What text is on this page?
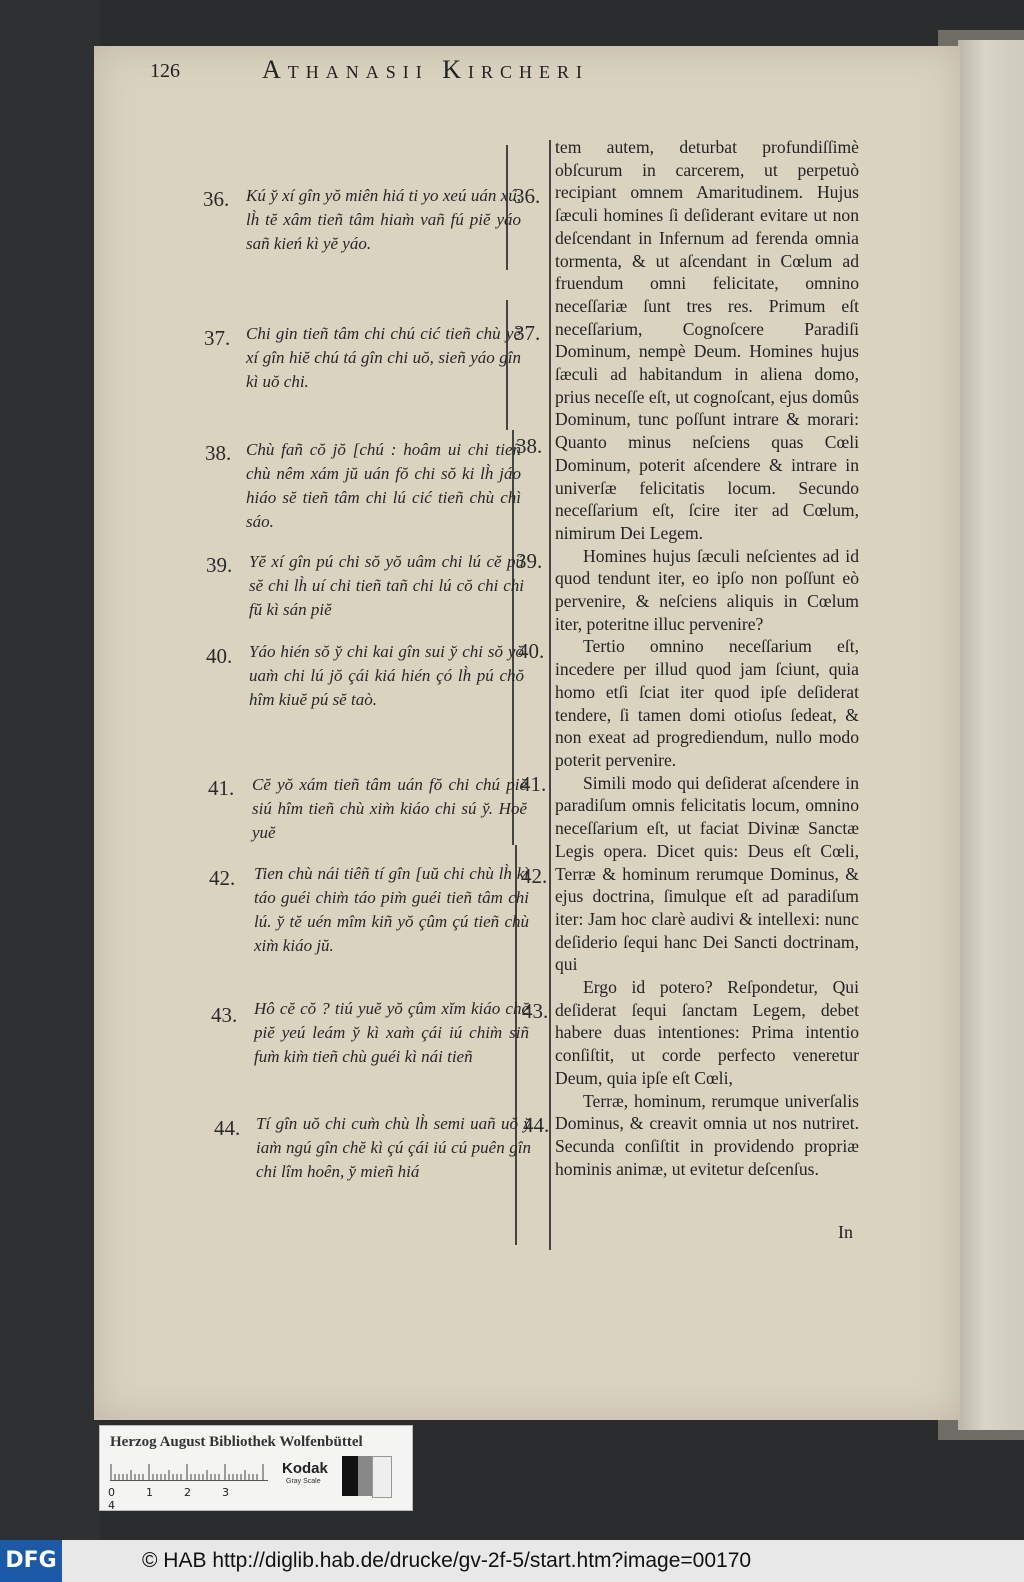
126	Athanasii Kircheri
36. Kú y̆ xí gîn yŏ miên hiá ti yo xeú uán xú, lh̀ tĕ xâm tieñ tâm hiam̀ vañ fú piĕ yáo sañ kień kì yĕ yáo.
37. Chi gin tieñ tâm chi chú cić tieñ chù yĕ xí gîn hiĕ chú tá gîn chi uŏ, sieñ yáo gîn kì uŏ chi.
38. Chù fañ cŏ jŏ [chú : hoâm ui chi tieñ chù nêm xám jŭ uán fŏ chi sŏ ki lh̀ jáo hiáo sĕ tieñ tâm chi lú cić tieñ chù chì sáo.
39. Yĕ xí gîn pú chi sŏ yŏ uâm chi lú cĕ pú sĕ chi lh̀ uí chi tieñ tañ chi lú cŏ chi chi fŭ kì sán piĕ
40. Yáo hién sŏ y̆ chi kai gîn sui y̆ chi sŏ yŏ uam̀ chi lú jŏ çái kiá hién çó lh̀ pú chŏ hîm kiuĕ pú sĕ taò.
41. Cĕ yŏ xám tieñ tâm uán fŏ chi chú piĕ siú hîm tieñ chù xim̀ kiáo chi sú y̆. Hoĕ yuĕ
42. Tien chù nái tiêñ tí gîn [uŭ chi chù lh̀ kì táo guéi chim̀ táo pim̀ guéi tieñ tâm chi lú. y̆ tĕ uén mîm kiñ yŏ çûm çú tieñ chù xim̀ kiáo jŭ.
43. Hô cĕ cŏ ? tiú yuĕ yŏ çûm xĭm kiáo chĕ piĕ yeú leám y̆ kì xam̀ çái iú chim̀ siñ fum̀ kim̀ tieñ chù guéi kì nái tieñ
44. Tí gîn uŏ chi cum̀ chù lh̀ semi uañ uŏ y̆ iam̀ ngú gîn chĕ kì çú çái iú cú puên gîn chi lîm hoên, y̆ mieñ hiá
36.
37.
38.
39.
40.
41.
42.
43.
44.

tem autem, deturbat profundiſſimè obſcurum in carcerem, ut perpetuò recipiant omnem Amaritudinem. Hujus ſæculi homines ſi deſiderant evitare ut non deſcendant in Infernum ad ferenda omnia tormenta, & ut aſcendant in Cœlum ad fruendum omni felicitate, omnino neceſſariæ ſunt tres res. Primum eſt neceſſarium, Cognoſcere Paradiſi Dominum, nempè Deum. Homines hujus ſæculi ad habitandum in aliena domo, prius neceſſe eſt, ut cognoſcant, ejus domûs Dominum, tunc poſſunt intrare & morari: Quanto minus neſciens quas Cœli Dominum, poterit aſcendere & intrare in univerſæ felicitatis locum. Secundo neceſſarium eſt, ſcire iter ad Cœlum, nimirum Dei Legem.

Homines hujus ſæculi neſcientes ad id quod tendunt iter, eo ipſo non poſſunt eò pervenire, & neſciens aliquis in Cœlum iter, poteritne illuc pervenire?

Tertio omnino neceſſarium eſt, incedere per illud quod jam ſciunt, quia homo etſi ſciat iter quod ipſe deſiderat tendere, ſi tamen domi otioſus ſedeat, & non exeat ad progrediendum, nullo modo poterit pervenire.

Simili modo qui deſiderat aſcendere in paradiſum omnis felicitatis locum, omnino neceſſarium eſt, ut faciat Divinæ Sanctæ Legis opera. Dicet quis: Deus eſt Cœli, Terræ & hominum rerumque Dominus, & ejus doctrina, ſimulque eſt ad paradiſum iter: Jam hoc clarè audivi & intellexi: nunc deſiderio ſequi hanc Dei Sancti doctrinam, qui

Ergo id potero? Reſpondetur, Qui deſiderat ſequi ſanctam Legem, debet habere duas intentiones: Prima intentio conſiſtit, ut corde perfecto veneretur Deum, quia ipſe eſt Cœli,

Terræ, hominum, rerumque univerſalis Dominus, & creavit omnia ut nos nutriret. Secunda conſiſtit in providendo propriæ hominis animæ, ut evitetur deſcenſus.

In
Herzog August Bibliothek Wolfenbüttel
0	1	2	34
Kodak
Gray Scale
DFG	© HAB http://diglib.hab.de/drucke/gv-2f-5/start.htm?image=00170
